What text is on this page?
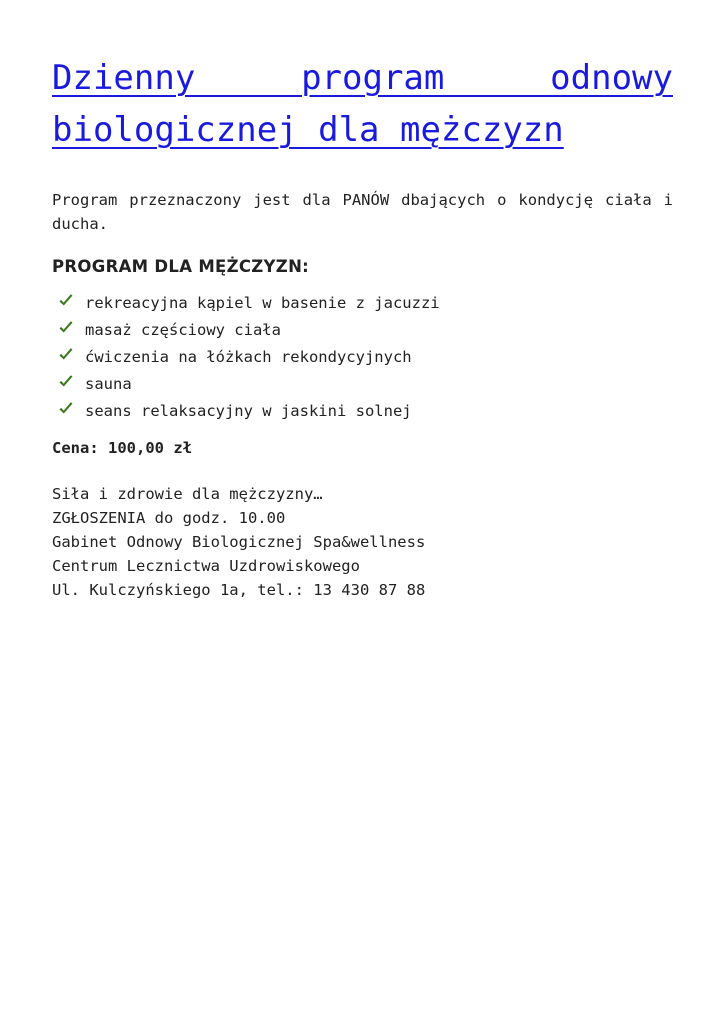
Dzienny program odnowy biologicznej dla mężczyzn

Program przeznaczony jest dla PANÓW dbających o kondycję ciała i ducha.

PROGRAM DLA MĘŻCZYZN:
rekreacyjna kąpiel w basenie z jacuzzi
masaż częściowy ciała
ćwiczenia na łóżkach rekondycyjnych
sauna
seans relaksacyjny w jaskini solnej

Cena: 100,00 zł

Siła i zdrowie dla mężczyzny…
ZGŁOSZENIA do godz. 10.00
Gabinet Odnowy Biologicznej Spa&wellness
Centrum Lecznictwa Uzdrowiskowego
Ul. Kulczyńskiego 1a, tel.: 13 430 87 88
